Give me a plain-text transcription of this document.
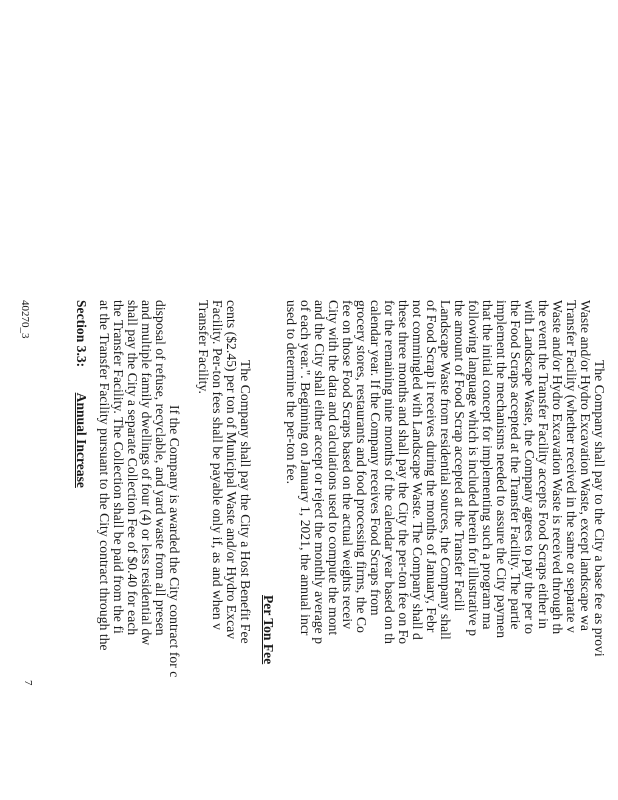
The Company shall pay to the City a base fee as provi
Waste and/or Hydro Excavation Waste, except landscape wa
Transfer Facility (whether received in the same or separate v
Waste and/or Hydro Excavation Waste is received through th
the event the Transfer Facility accepts Food Scraps either in
with Landscape Waste, the Company agrees to pay the per to
the Food Scraps accepted at the Transfer Facility. The partie
implement the mechanisms needed to assure the City paymen
that the initial concept for implementing such a program ma
following language which is included herein for illustrative p
the amount of Food Scrap accepted at the Transfer Facili
Landscape Waste from residential sources, the Company shall
of Food Scrap it receives during the months of January, Febr
not commingled with Landscape Waste. The Company shall d
these three months and shall pay the City the per-ton fee on Fo
for the remaining nine months of the calendar year based on th
calendar year. If the Company receives Food Scraps from
grocery stores, restaurants and food processing firms, the Co
fee on those Food Scraps based on the actual weights receiv
City with the data and calculations used to compute the mont
and the City shall either accept or reject the monthly average p
of each year.". Beginning on January 1, 2021, the annual incr
used to determine the per-ton fee.
Per Ton Fee
The Company shall pay the City a Host Benefit Fee
cents ($2.45) per ton of Municipal Waste and/or Hydro Excav
Facility. Per-ton fees shall be payable only if, as and when v
Transfer Facility.
If the Company is awarded the City contract for c
disposal of refuse, recyclable, and yard waste from all presen
and multiple family dwellings of four (4) or less residential dw
shall pay the City a separate Collection Fee of $0.40 for each
the Transfer Facility. The Collection shall be paid from the fi
at the Transfer Facility pursuant to the City contract through the
Section 3.3: Annual Increase
40270_3
7
